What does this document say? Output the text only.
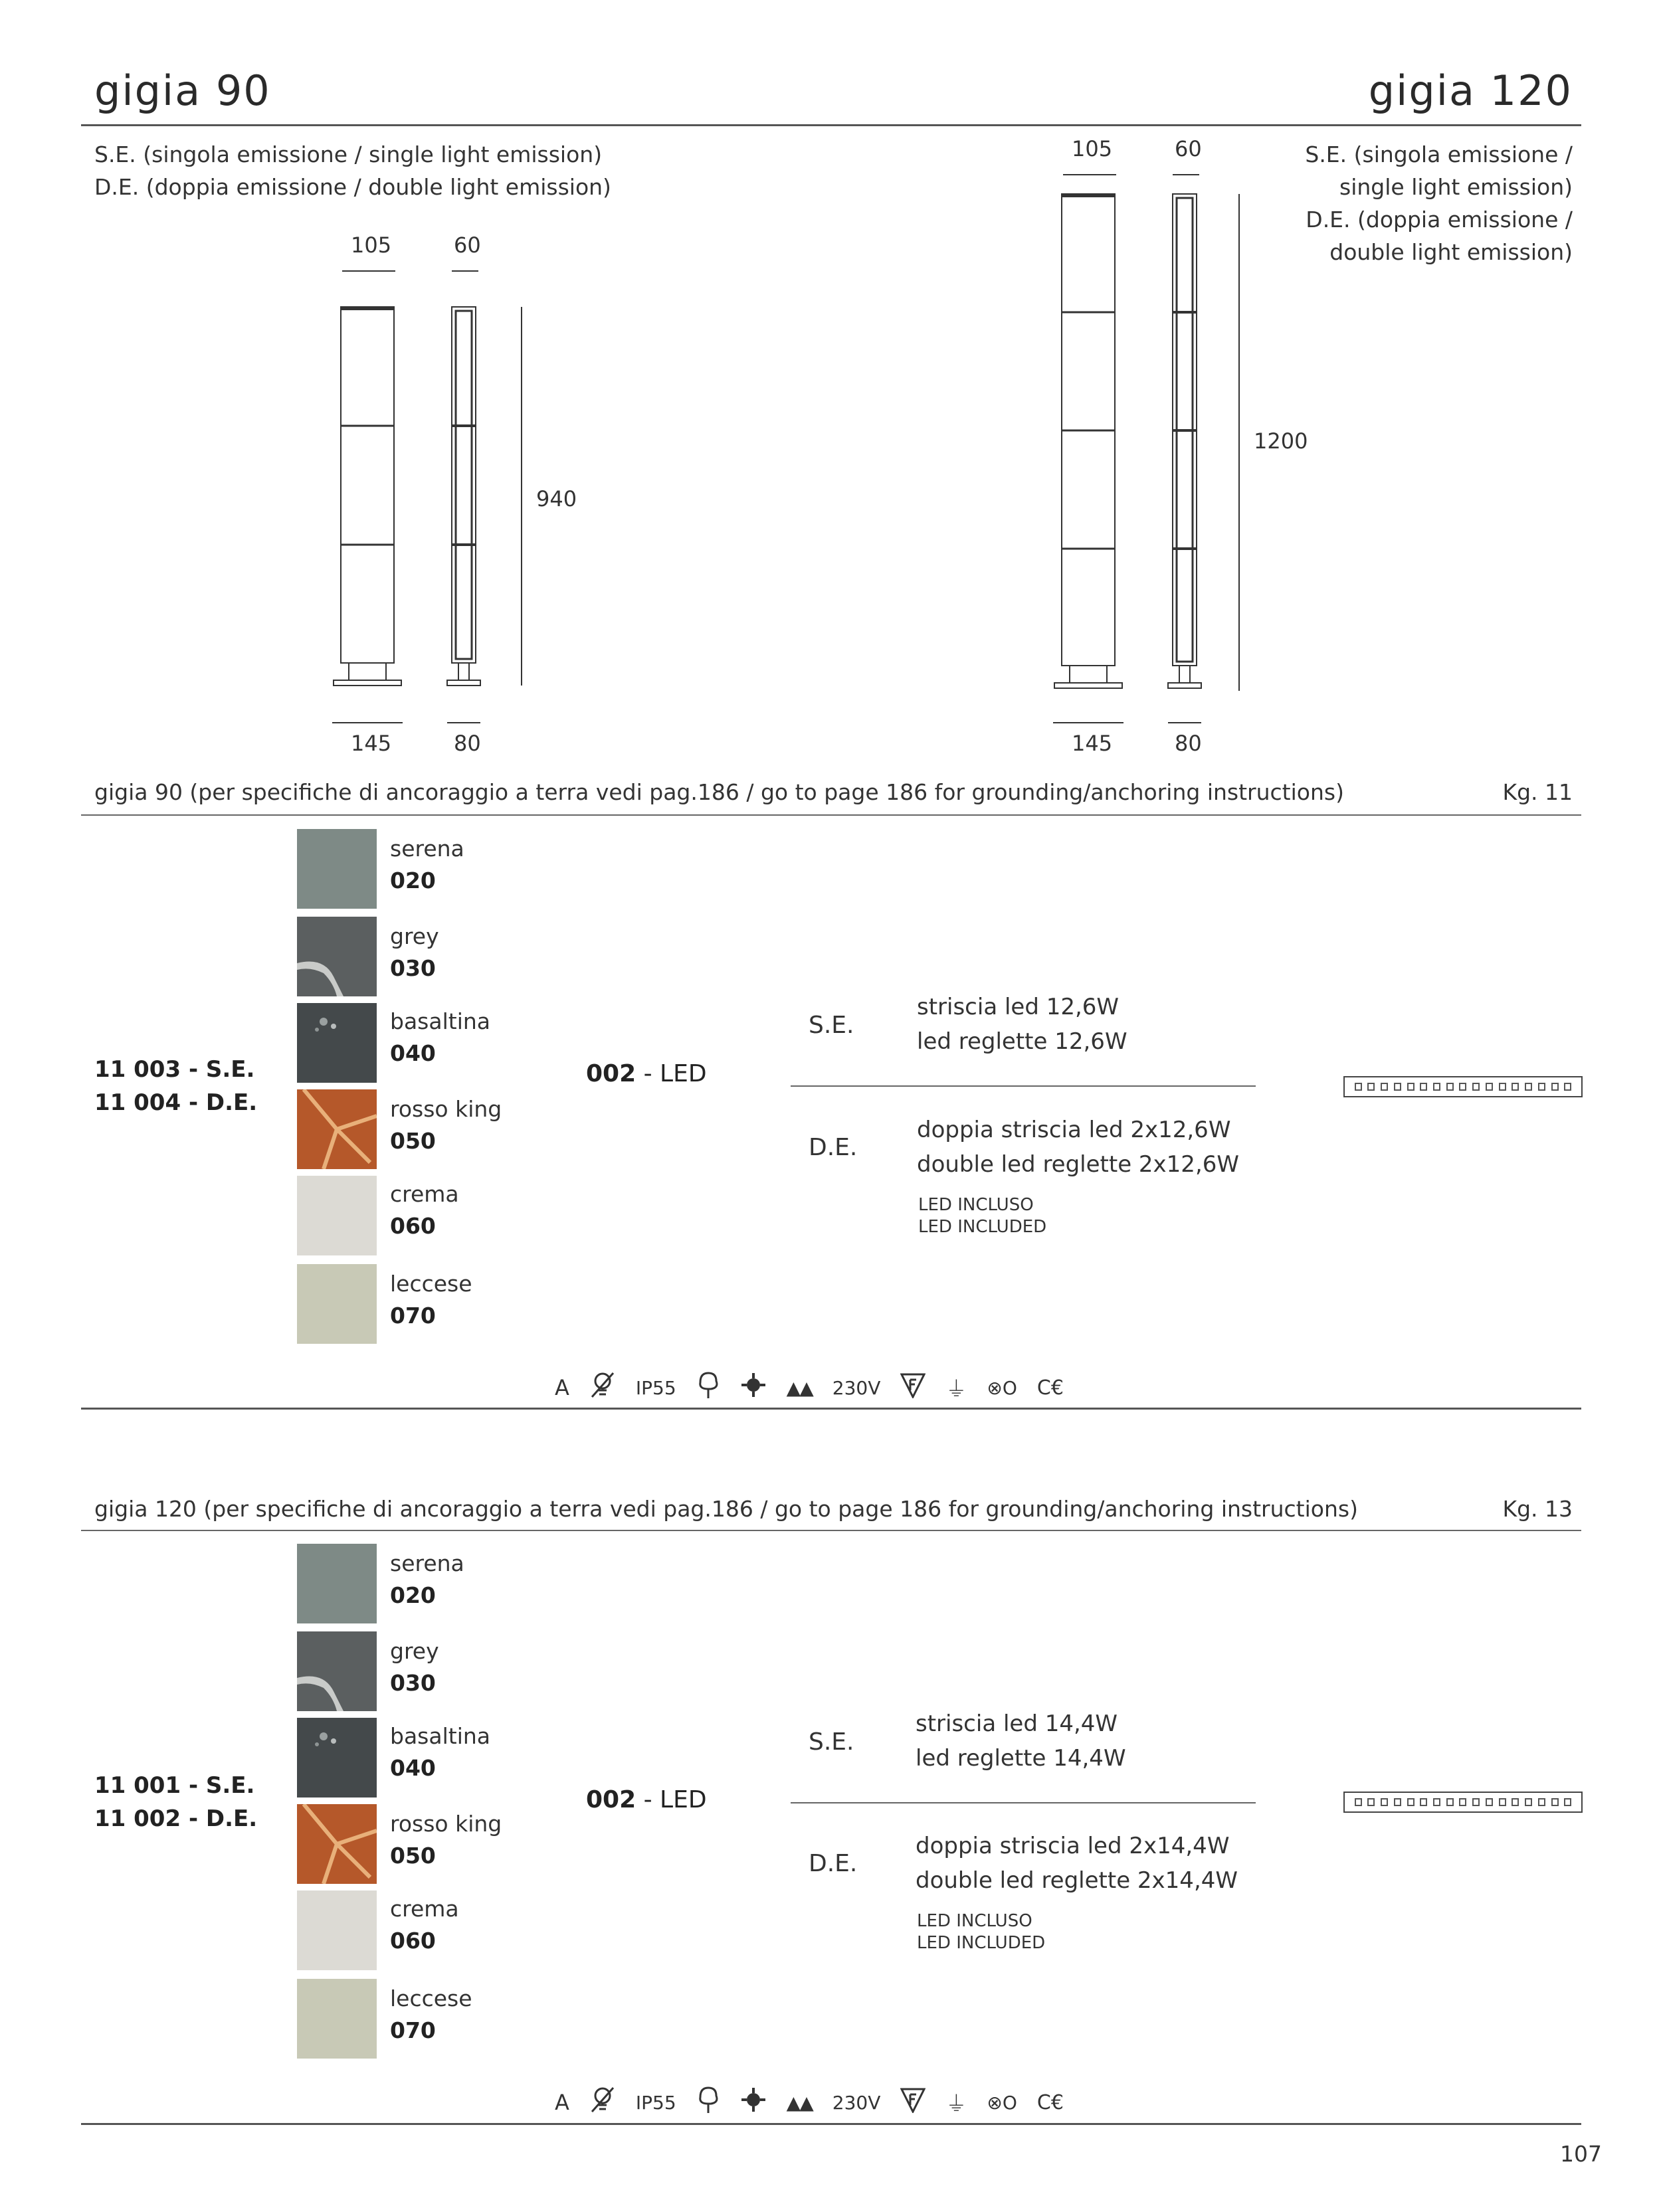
gigia 90	gigia 120
S.E. (singola emissione / single light emission)
D.E. (doppia emissione / double light emission)
S.E. (singola emissione /
single light emission)
D.E. (doppia emissione /
double light emission)
105	60
940
145	80
105	60
1200
145	80
gigia 90 (per specifiche di ancoraggio a terra vedi pag.186 / go to page 186 for grounding/anchoring instructions)	Kg. 11
11 003 - S.E.
11 004 - D.E.
serena
020
grey
030
basaltina
040
rosso king
050
crema
060
leccese
070
002 - LED
S.E.
striscia led 12,6W
led reglette 12,6W
D.E.
doppia striscia led 2x12,6W
double led reglette 2x12,6W
LED INCLUSO
LED INCLUDED
A	IP55	▲▲ 230V	⏚ ⊗O C€
gigia 120 (per specifiche di ancoraggio a terra vedi pag.186 / go to page 186 for grounding/anchoring instructions)	Kg. 13
11 001 - S.E.
11 002 - D.E.
serena
020
grey
030
basaltina
040
rosso king
050
crema
060
leccese
070
002 - LED
S.E.
striscia led 14,4W
led reglette 14,4W
D.E.
doppia striscia led 2x14,4W
double led reglette 2x14,4W
LED INCLUSO
LED INCLUDED
A	IP55	▲▲ 230V	⏚ ⊗O C€
107
